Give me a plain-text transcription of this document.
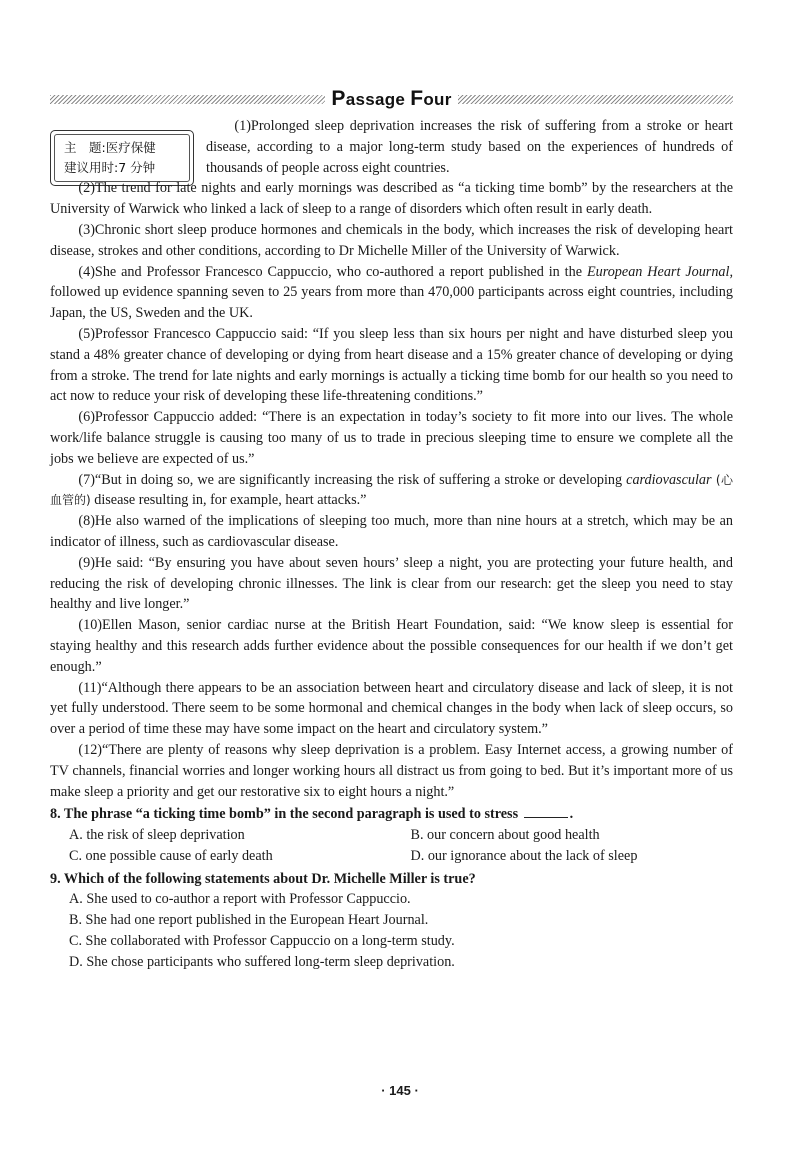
Passage Four
主　题:医疗保健
建议用时:7 分钟

(1)Prolonged sleep deprivation increases the risk of suffering from a stroke or heart disease, according to a major long-term study based on the experiences of hundreds of thousands of people across eight countries.

(2)The trend for late nights and early mornings was described as “a ticking time bomb” by the researchers at the University of Warwick who linked a lack of sleep to a range of disorders which often result in early death.

(3)Chronic short sleep produce hormones and chemicals in the body, which increases the risk of developing heart disease, strokes and other conditions, according to Dr Michelle Miller of the University of Warwick.

(4)She and Professor Francesco Cappuccio, who co-authored a report published in the European Heart Journal, followed up evidence spanning seven to 25 years from more than 470,000 participants across eight countries, including Japan, the US, Sweden and the UK.

(5)Professor Francesco Cappuccio said: “If you sleep less than six hours per night and have disturbed sleep you stand a 48% greater chance of developing or dying from heart disease and a 15% greater chance of developing or dying from a stroke. The trend for late nights and early mornings is actually a ticking time bomb for our health so you need to act now to reduce your risk of developing these life-threatening conditions.”

(6)Professor Cappuccio added: “There is an expectation in today’s society to fit more into our lives. The whole work/life balance struggle is causing too many of us to trade in precious sleeping time to ensure we complete all the jobs we believe are expected of us.”

(7)“But in doing so, we are significantly increasing the risk of suffering a stroke or developing cardiovascular (心血管的) disease resulting in, for example, heart attacks.”

(8)He also warned of the implications of sleeping too much, more than nine hours at a stretch, which may be an indicator of illness, such as cardiovascular disease.

(9)He said: “By ensuring you have about seven hours’ sleep a night, you are protecting your future health, and reducing the risk of developing chronic illnesses. The link is clear from our research: get the sleep you need to stay healthy and live longer.”

(10)Ellen Mason, senior cardiac nurse at the British Heart Foundation, said: “We know sleep is essential for staying healthy and this research adds further evidence about the possible consequences for our health if we don’t get enough.”

(11)“Although there appears to be an association between heart and circulatory disease and lack of sleep, it is not yet fully understood. There seem to be some hormonal and chemical changes in the body when lack of sleep occurs, so over a period of time these may have some impact on the heart and circulatory system.”

(12)“There are plenty of reasons why sleep deprivation is a problem. Easy Internet access, a growing number of TV channels, financial worries and longer working hours all distract us from going to bed. But it’s important more of us make sleep a priority and get our restorative six to eight hours a night.”

8. The phrase “a ticking time bomb” in the second paragraph is used to stress	.
A. the risk of sleep deprivation	B. our concern about good health
C. one possible cause of early death	D. our ignorance about the lack of sleep
9. Which of the following statements about Dr. Michelle Miller is true?
A. She used to co-author a report with Professor Cappuccio.
B. She had one report published in the European Heart Journal.
C. She collaborated with Professor Cappuccio on a long-term study.
D. She chose participants who suffered long-term sleep deprivation.
· 145 ·
